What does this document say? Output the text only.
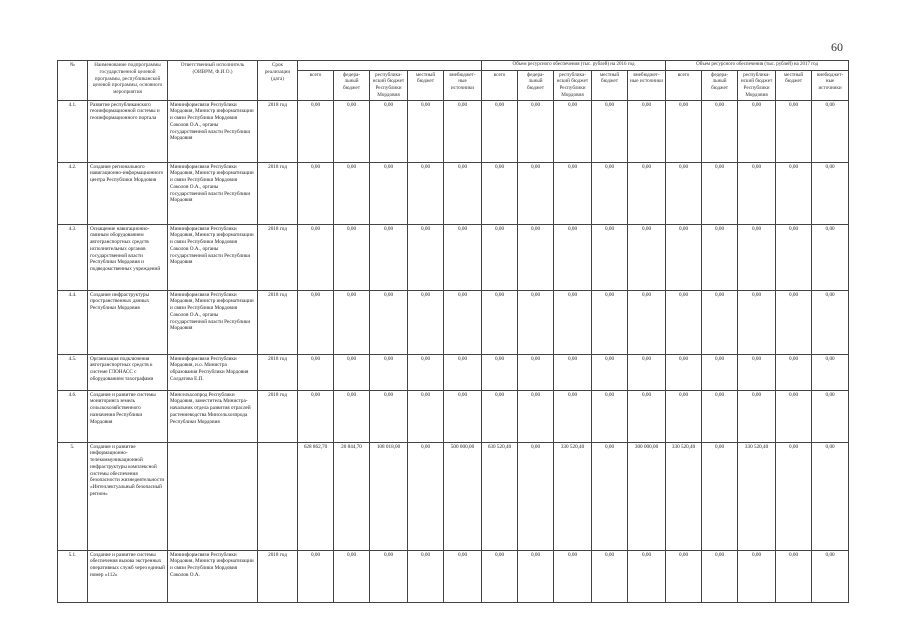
60
№	Наименование подпрограммы государственной целевой программы, республиканской целевой программы, основного мероприятия	Ответственный исполнитель (ОИВРМ, Ф.И.О.)	Срок реализации (дата)						Объем ресурсного обеспечения (тыс. рублей) на 2016 год					Объем ресурсного обеспечения (тыс. рублей) на 2017 год				
				всего	федера-льный бюджет	республика-нский бюджет Республики Мордовия	местный бюджет	внебюджет-ные источники	всего	федера-льный бюджет	республика-нский бюджет Республики Мордовия	местный бюджет	внебюджет-ные источники	всего	федера-льный бюджет	республика-нский бюджет Республики Мордовия	местный бюджет	внебюджет-ные источники
4.1.	Развитие республиканского геоинформационной системы и геоинформационного портала	Мининформсвязи Республики Мордовия, Министр информатизации и связи Республики Мордовия Соколов О.А., органы государственной власти Республики Мордовия	2018 год	0,00	0,00	0,00	0,00	0,00	0,00	0,00	0,00	0,00	0,00	0,00	0,00	0,00	0,00	0,00
4.2.	Создание регионального навигационно-информационного центра Республики Мордовия	Мининформсвязи Республики Мордовия, Министр информатизации и связи Республики Мордовия Соколов О.А., органы государственной власти Республики Мордовия	2018 год	0,00	0,00	0,00	0,00	0,00	0,00	0,00	0,00	0,00	0,00	0,00	0,00	0,00	0,00	0,00
4.3.	Оснащение навигационно-связным оборудованием автотранспортных средств исполнительных органов государственной власти Республики Мордовия и подведомственных учреждений	Мининформсвязи Республики Мордовия, Министр информатизации и связи Республики Мордовия Соколов О.А., органы государственной власти Республики Мордовия	2018 год	0,00	0,00	0,00	0,00	0,00	0,00	0,00	0,00	0,00	0,00	0,00	0,00	0,00	0,00	0,00
4.4.	Создание инфраструктуры пространственных данных Республики Мордовия	Мининформсвязи Республики Мордовия, Министр информатизации и связи Республики Мордовия Соколов О.А., органы государственной власти Республики Мордовия	2018 год	0,00	0,00	0,00	0,00	0,00	0,00	0,00	0,00	0,00	0,00	0,00	0,00	0,00	0,00	0,00
4.5.	Организация подключения автотранспортных средств к системе ГЛОНАСС с оборудованием тахографами	Мининформсвязи Республики Мордовия, и.о. Министра образования Республики Мордовия Солдатова Е.П.	2018 год	0,00	0,00	0,00	0,00	0,00	0,00	0,00	0,00	0,00	0,00	0,00	0,00	0,00	0,00	0,00
4.6.	Создание и развитие системы мониторинга земель сельскохозяйственного назначения Республики Мордовия	Минсельхозпрод Республики Мордовия, заместитель Министра-начальник отдела развития отраслей растениеводства Минсельхозпрода Республики Мордовия	2018 год	0,00	0,00	0,00	0,00	0,00	0,00	0,00	0,00	0,00	0,00	0,00	0,00	0,00	0,00	0,00
5.	Создание и развитие информационно-телекоммуникационной инфраструктуры комплексной системы обеспечения безопасности жизнедеятельности «Интеллектуальный безопасный регион»			628 862,70	20 844,70	108 018,00	0,00	500 000,00	630 520,40	0,00	330 520,40	0,00	300 000,00	330 520,40	0,00	330 520,40	0,00	0,00
5.1.	Создание и развитие системы обеспечения вызова экстренных оперативных служб через единый номер «112»	Мининформсвязи Республики Мордовия, Министр информатизации и связи Республики Мордовия Соколов О.А.	2018 год	0,00	0,00	0,00	0,00	0,00	0,00	0,00	0,00	0,00	0,00	0,00	0,00	0,00	0,00	0,00
